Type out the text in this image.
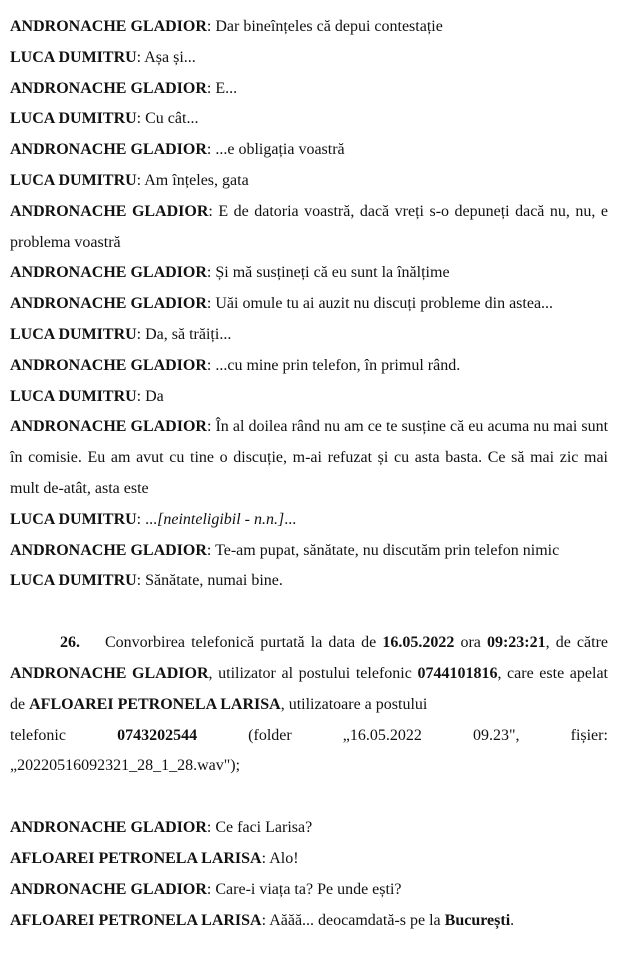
ANDRONACHE GLADIOR: Dar bineînțeles că depui contestație

LUCA DUMITRU: Așa și...

ANDRONACHE GLADIOR: E...

LUCA DUMITRU: Cu cât...

ANDRONACHE GLADIOR: ...e obligația voastră

LUCA DUMITRU: Am înțeles, gata

ANDRONACHE GLADIOR: E de datoria voastră, dacă vreți s-o depuneți dacă nu, nu, e problema voastră

ANDRONACHE GLADIOR: Și mă susțineți că eu sunt la înălțime

ANDRONACHE GLADIOR: Uăi omule tu ai auzit nu discuți probleme din astea...

LUCA DUMITRU: Da, să trăiți...

ANDRONACHE GLADIOR: ...cu mine prin telefon, în primul rând.

LUCA DUMITRU: Da

ANDRONACHE GLADIOR: În al doilea rând nu am ce te susține că eu acuma nu mai sunt în comisie. Eu am avut cu tine o discuție, m-ai refuzat și cu asta basta. Ce să mai zic mai mult de-atât, asta este

LUCA DUMITRU: ...[neinteligibil - n.n.]...

ANDRONACHE GLADIOR: Te-am pupat, sănătate, nu discutăm prin telefon nimic

LUCA DUMITRU: Sănătate, numai bine.

26. Convorbirea telefonică purtată la data de 16.05.2022 ora 09:23:21, de către ANDRONACHE GLADIOR, utilizator al postului telefonic 0744101816, care este apelat de AFLOAREI PETRONELA LARISA, utilizatoare a postului

telefonic	0743202544	(folder	„16.05.2022	09.23",	fișier:

„20220516092321_28_1_28.wav");

ANDRONACHE GLADIOR: Ce faci Larisa?

AFLOAREI PETRONELA LARISA: Alo!

ANDRONACHE GLADIOR: Care-i viața ta? Pe unde ești?

AFLOAREI PETRONELA LARISA: Aăăă... deocamdată-s pe la București.
